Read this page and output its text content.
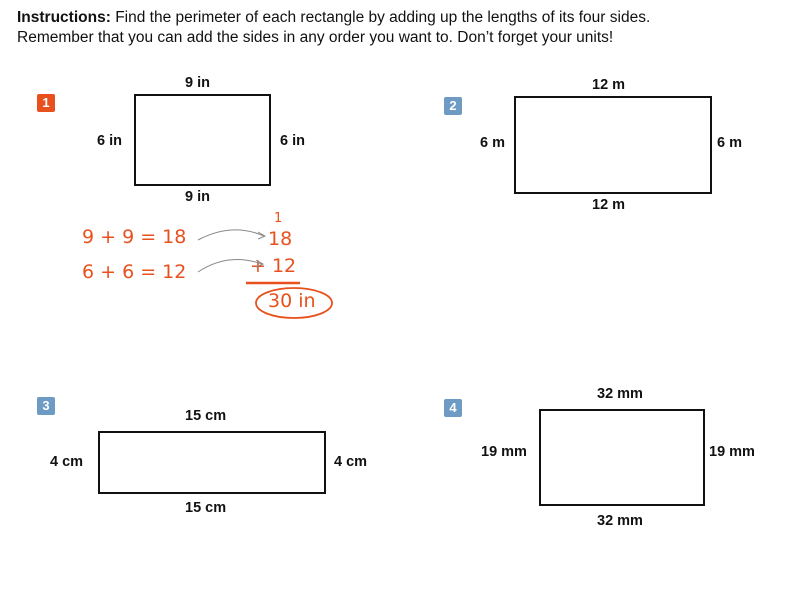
Instructions: Find the perimeter of each rectangle by adding up the lengths of its four sides.
Remember that you can add the sides in any order you want to. Don’t forget your units!
1
9 in
9 in
6 in	6 in
9 + 9 = 18
6 + 6 = 12
1
18
+ 12
30 in
2
12 m
12 m
6 m	6 m
3
15 cm
15 cm
4 cm	4 cm
4
32 mm
32 mm
19 mm	19 mm
